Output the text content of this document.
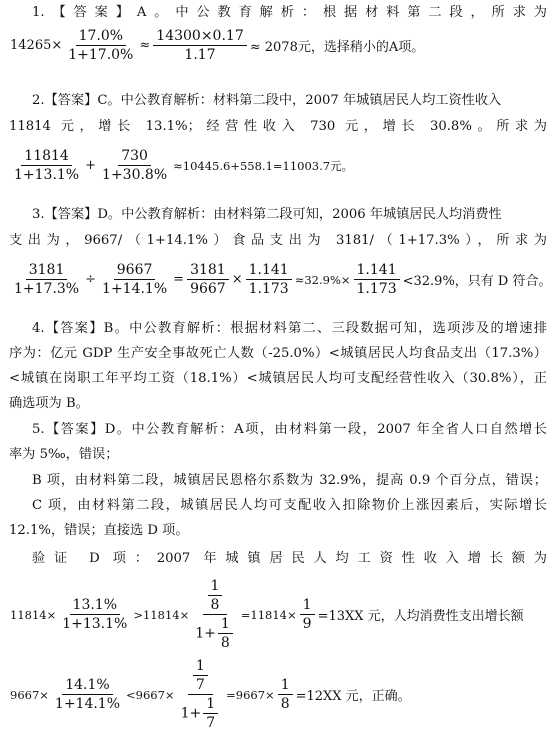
1.【答案】A。中公教育解析：根据材料第二段，所求为
$14265\times \frac{17.0\%}{1+17.0\%} \approx \frac{14300\times 0.17}{1.17} \approx 2078$元，选择稍小的A项。
2.【答案】C。中公教育解析：材料第二段中，2007 年城镇居民人均工资性收入
11814 元，增长 13.1%；经营性收入 730 元，增长 30.8%。所求为
$\frac{11814}{1+13.1\%} + \frac{730}{1+30.8\%} \approx 10445.6+558.1=11003.7$元。
3.【答案】D。中公教育解析：由材料第二段可知，2006 年城镇居民人均消费性
支出为，9667/（1+14.1%）食品支出为 3181/（1+17.3%），所求为
$\frac{3181}{1+17.3\%} \div \frac{9667}{1+14.1\%} = \frac{3181}{9667} \times \frac{1.141}{1.173} \approx 32.9\%\times \frac{1.141}{1.173} <32.9\%$，只有 D 符合。
4.【答案】B。中公教育解析：根据材料第二、三段数据可知，选项涉及的增速排
序为：亿元 GDP 生产安全事故死亡人数（-25.0%）<城镇居民人均食品支出（17.3%）
<城镇在岗职工年平均工资（18.1%）<城镇居民人均可支配经营性收入（30.8%），正
确选项为 B。
5.【答案】D。中公教育解析：A项，由材料第一段，2007 年全省人口自然增长
率为 5‰，错误；
B 项，由材料第二段，城镇居民恩格尔系数为 32.9%，提高 0.9 个百分点，错误；
C 项，由材料第二段，城镇居民人均可支配收入扣除物价上涨因素后，实际增长
12.1%，错误；直接选 D 项。
验证 D 项：2007 年城镇居民人均工资性收入增长额为
$11814\times \frac{13.1\%}{1+13.1\%} >11814\times \frac{\frac{1}{8}}{1+ \frac{1}{8}} =11814\times \frac{1}{9} =13XX$ 元，人均消费性支出增长额
$9667\times \frac{14.1\%}{1+14.1\%} <9667\times \frac{\frac{1}{7}}{1+ \frac{1}{7}} =9667\times \frac{1}{8} =12XX$ 元，正确。
